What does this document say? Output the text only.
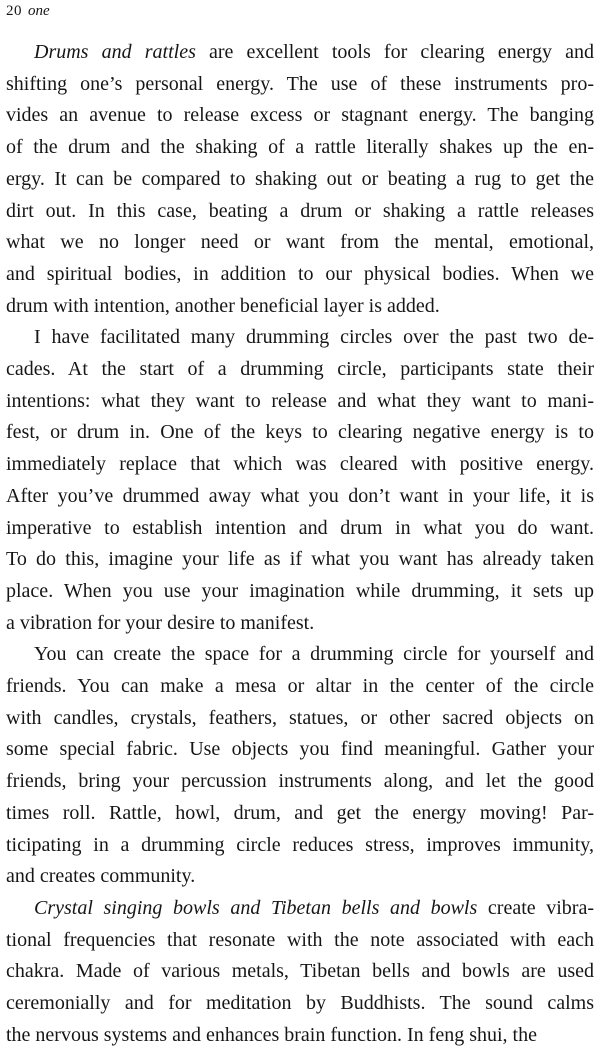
20 one

Drums and rattles are excellent tools for clearing energy and
shifting one’s personal energy. The use of these instruments pro-
vides an avenue to release excess or stagnant energy. The banging
of the drum and the shaking of a rattle literally shakes up the en-
ergy. It can be compared to shaking out or beating a rug to get the
dirt out. In this case, beating a drum or shaking a rattle releases
what we no longer need or want from the mental, emotional,
and spiritual bodies, in addition to our physical bodies. When we
drum with intention, another beneficial layer is added.

I have facilitated many drumming circles over the past two de-
cades. At the start of a drumming circle, participants state their
intentions: what they want to release and what they want to mani-
fest, or drum in. One of the keys to clearing negative energy is to
immediately replace that which was cleared with positive energy.
After you’ve drummed away what you don’t want in your life, it is
imperative to establish intention and drum in what you do want.
To do this, imagine your life as if what you want has already taken
place. When you use your imagination while drumming, it sets up
a vibration for your desire to manifest.

You can create the space for a drumming circle for yourself and
friends. You can make a mesa or altar in the center of the circle
with candles, crystals, feathers, statues, or other sacred objects on
some special fabric. Use objects you find meaningful. Gather your
friends, bring your percussion instruments along, and let the good
times roll. Rattle, howl, drum, and get the energy moving! Par-
ticipating in a drumming circle reduces stress, improves immunity,
and creates community.

Crystal singing bowls and Tibetan bells and bowls create vibra-
tional frequencies that resonate with the note associated with each
chakra. Made of various metals, Tibetan bells and bowls are used
ceremonially and for meditation by Buddhists. The sound calms
the nervous systems and enhances brain function. In feng shui, the
